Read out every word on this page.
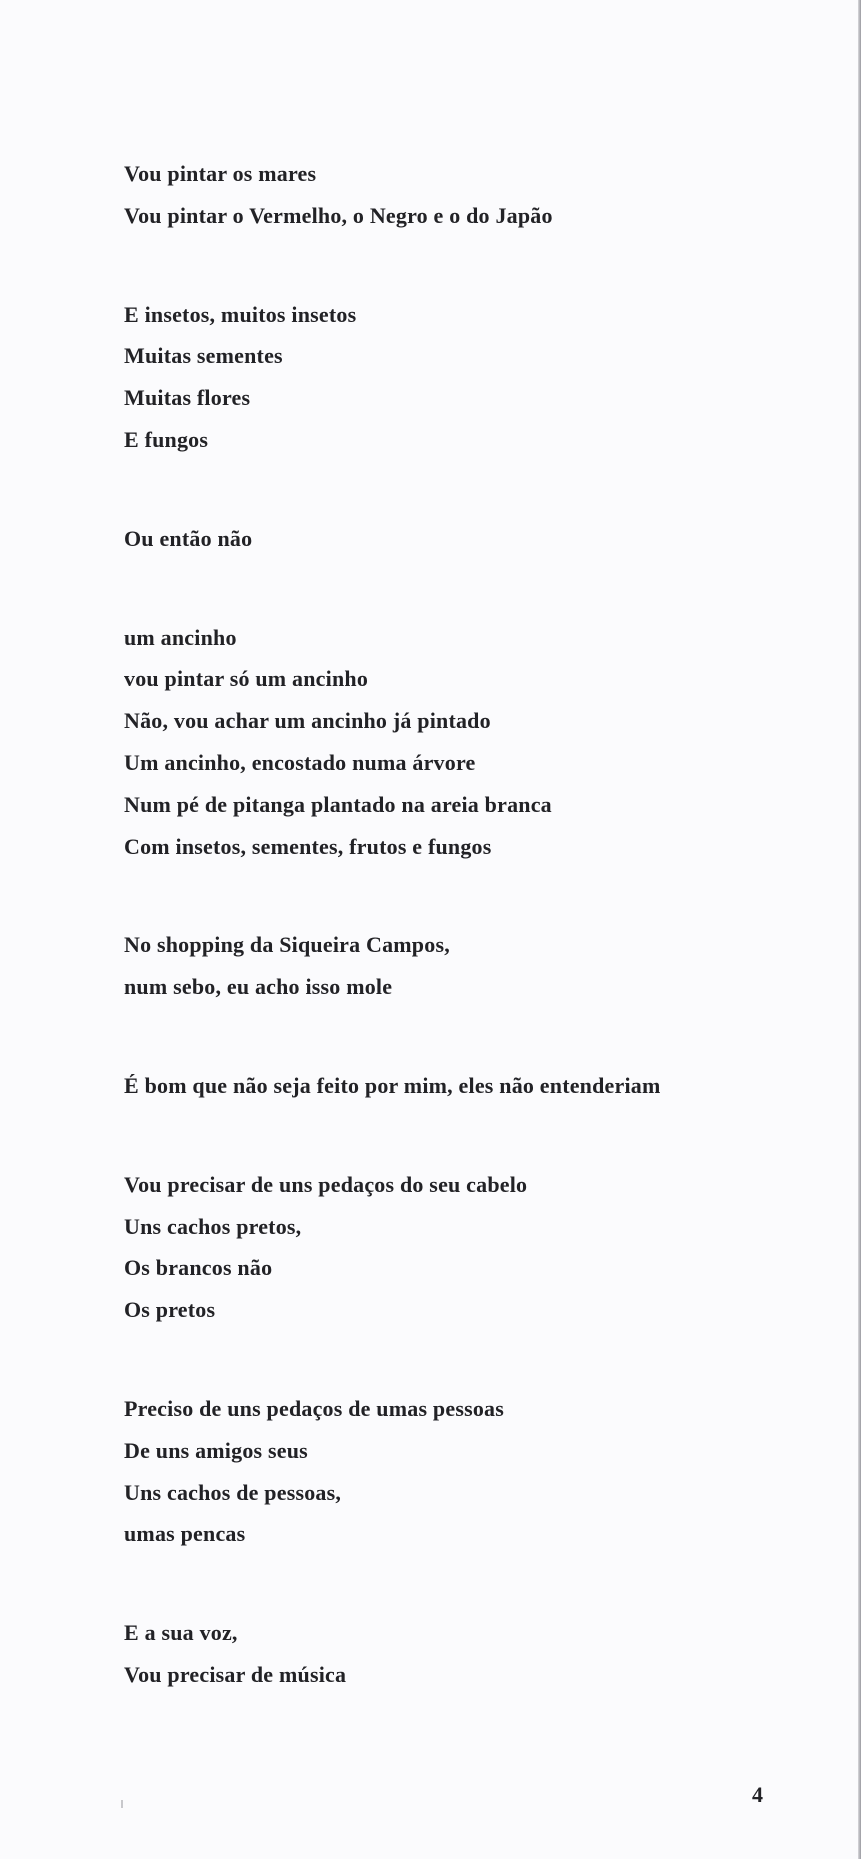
Vou pintar os mares
Vou pintar o Vermelho, o Negro e o do Japão
E insetos, muitos insetos
Muitas sementes
Muitas flores
E fungos
Ou então não
um ancinho
vou pintar só um ancinho
Não, vou achar um ancinho já pintado
Um ancinho, encostado numa árvore
Num pé de pitanga plantado na areia branca
Com insetos, sementes, frutos e fungos
No shopping da Siqueira Campos,
num sebo, eu acho isso mole
É bom que não seja feito por mim, eles não entenderiam
Vou precisar de uns pedaços do seu cabelo
Uns cachos pretos,
Os brancos não
Os pretos
Preciso de uns pedaços de umas pessoas
De uns amigos seus
Uns cachos de pessoas,
umas pencas
E a sua voz,
Vou precisar de música
4
